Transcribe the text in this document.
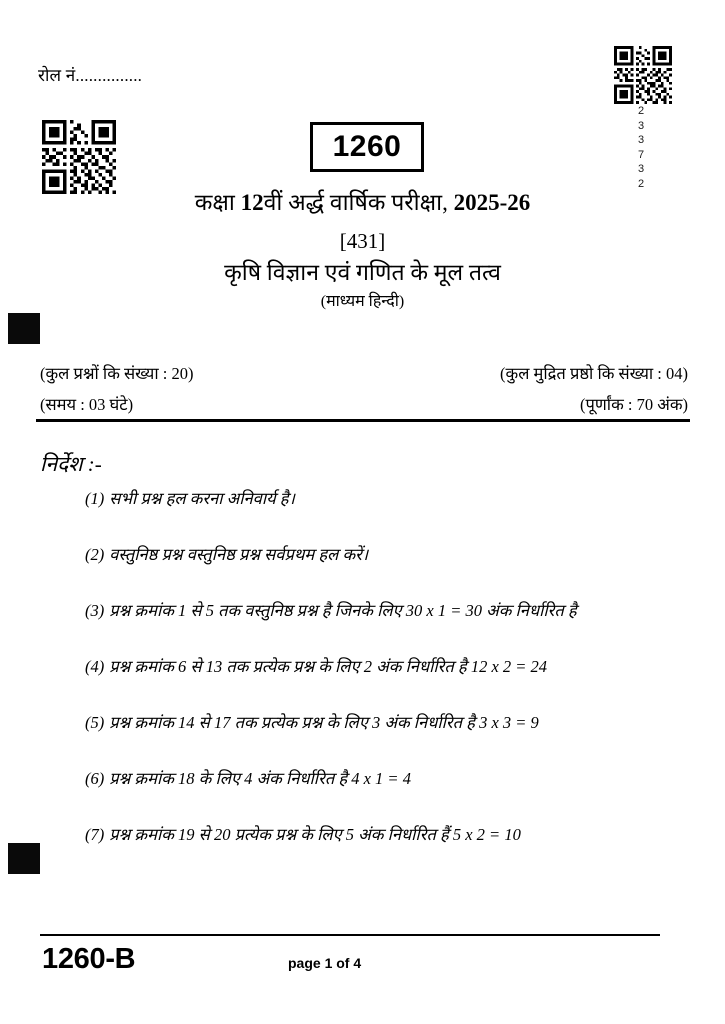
रोल नं...............
2
3
3
7
3
2
1260
कक्षा 12वीं अर्द्ध वार्षिक परीक्षा, 2025-26
[431]
कृषि विज्ञान एवं गणित के मूल तत्व
(माध्यम हिन्दी)
(कुल प्रश्नों कि संख्या : 20)	(कुल मुद्रित प्रष्ठो कि संख्या : 04)
(समय : 03 घंटे)	(पूर्णांक : 70 अंक)
निर्देश :-
(1) सभी प्रश्न हल करना अनिवार्य है।
(2) वस्तुनिष्ठ प्रश्न वस्तुनिष्ठ प्रश्न सर्वप्रथम हल करें।
(3) प्रश्न क्रमांक 1 से 5 तक वस्तुनिष्ठ प्रश्न है जिनके लिए 30 x 1 = 30 अंक निर्धारित है
(4) प्रश्न क्रमांक 6 से 13 तक प्रत्येक प्रश्न के लिए 2 अंक निर्धारित है 12 x 2 = 24
(5) प्रश्न क्रमांक 14 से 17 तक प्रत्येक प्रश्न के लिए 3 अंक निर्धारित है 3 x 3 = 9
(6) प्रश्न क्रमांक 18 के लिए 4 अंक निर्धारित है 4 x 1 = 4
(7) प्रश्न क्रमांक 19 से 20 प्रत्येक प्रश्न के लिए 5 अंक निर्धारित हैं 5 x 2 = 10
1260-B	page 1 of 4
